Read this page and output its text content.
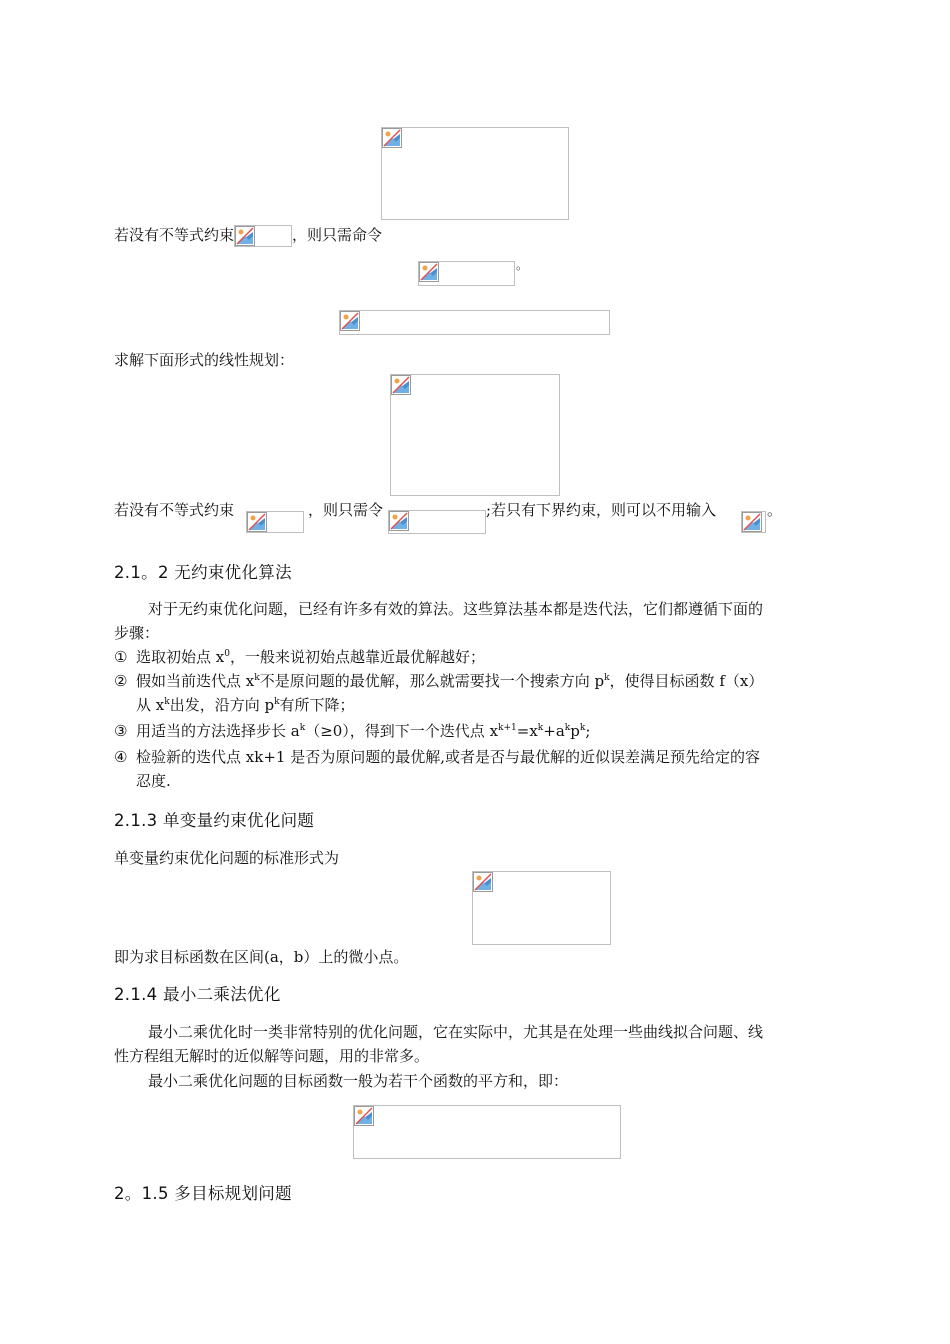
若没有不等式约束	，则只需命令
。
求解下面形式的线性规划：
若没有不等式约束	，则只需令	;若只有下界约束，则可以不用输入	。
2.1。2 无约束优化算法
对于无约束优化问题，已经有许多有效的算法。这些算法基本都是迭代法，它们都遵循下面的
步骤：
① 选取初始点 $x^0$，一般来说初始点越靠近最优解越好；
② 假如当前迭代点 $x^k$不是原问题的最优解，那么就需要找一个搜索方向 $p^k$，使得目标函数 f（x）
从 $x^k$出发，沿方向 $p^k$有所下降；
③ 用适当的方法选择步长 $a^k(\ge 0)$，得到下一个迭代点 $x^{k+1}=x^k+a^kp^k$;
④ 检验新的迭代点 xk+1 是否为原问题的最优解,或者是否与最优解的近似误差满足预先给定的容
忍度.
2.1.3 单变量约束优化问题
单变量约束优化问题的标准形式为
即为求目标函数在区间(a，b）上的微小点。
2.1.4 最小二乘法优化
最小二乘优化时一类非常特别的优化问题，它在实际中，尤其是在处理一些曲线拟合问题、线
性方程组无解时的近似解等问题，用的非常多。
最小二乘优化问题的目标函数一般为若干个函数的平方和，即：
2。1.5 多目标规划问题
